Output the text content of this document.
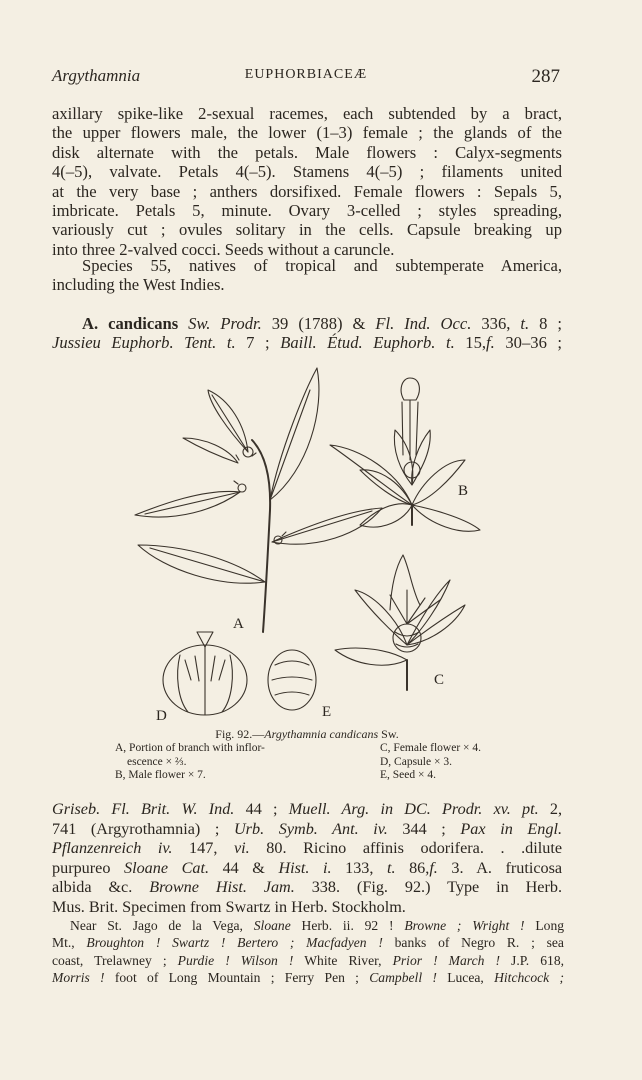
Argythamnia	EUPHORBIACEÆ	287
axillary spike-like 2-sexual racemes, each subtended by a bract,
the upper flowers male, the lower (1–3) female ; the glands of the
disk alternate with the petals. Male flowers : Calyx-segments
4(–5), valvate. Petals 4(–5). Stamens 4(–5) ; filaments united
at the very base ; anthers dorsifixed. Female flowers : Sepals 5,
imbricate. Petals 5, minute. Ovary 3-celled ; styles spreading,
variously cut ; ovules solitary in the cells. Capsule breaking up
into three 2-valved cocci. Seeds without a caruncle.
Species 55, natives of tropical and subtemperate America,
including the West Indies.
A. candicans Sw. Prodr. 39 (1788) & Fl. Ind. Occ. 336, t. 8 ;
Jussieu Euphorb. Tent. t. 7 ; Baill. Étud. Euphorb. t. 15,f. 30–36 ;
A
B
C
D	E
Fig. 92.—Argythamnia candicans Sw.
A, Portion of branch with inflor-
escence × ⅔.
B, Male flower × 7.
C, Female flower × 4.
D, Capsule × 3.
E, Seed × 4.
Griseb. Fl. Brit. W. Ind. 44 ; Muell. Arg. in DC. Prodr. xv. pt. 2,
741 (Argyrothamnia) ; Urb. Symb. Ant. iv. 344 ; Pax in Engl.
Pflanzenreich iv. 147, vi. 80. Ricino affinis odorifera. . .dilute
purpureo Sloane Cat. 44 & Hist. i. 133, t. 86,f. 3. A. fruticosa
albida &c. Browne Hist. Jam. 338. (Fig. 92.) Type in Herb.
Mus. Brit. Specimen from Swartz in Herb. Stockholm.
Near St. Jago de la Vega, Sloane Herb. ii. 92 ! Browne ; Wright ! Long
Mt., Broughton ! Swartz ! Bertero ; Macfadyen ! banks of Negro R. ; sea
coast, Trelawney ; Purdie ! Wilson ! White River, Prior ! March ! J.P. 618,
Morris ! foot of Long Mountain ; Ferry Pen ; Campbell ! Lucea, Hitchcock ;
